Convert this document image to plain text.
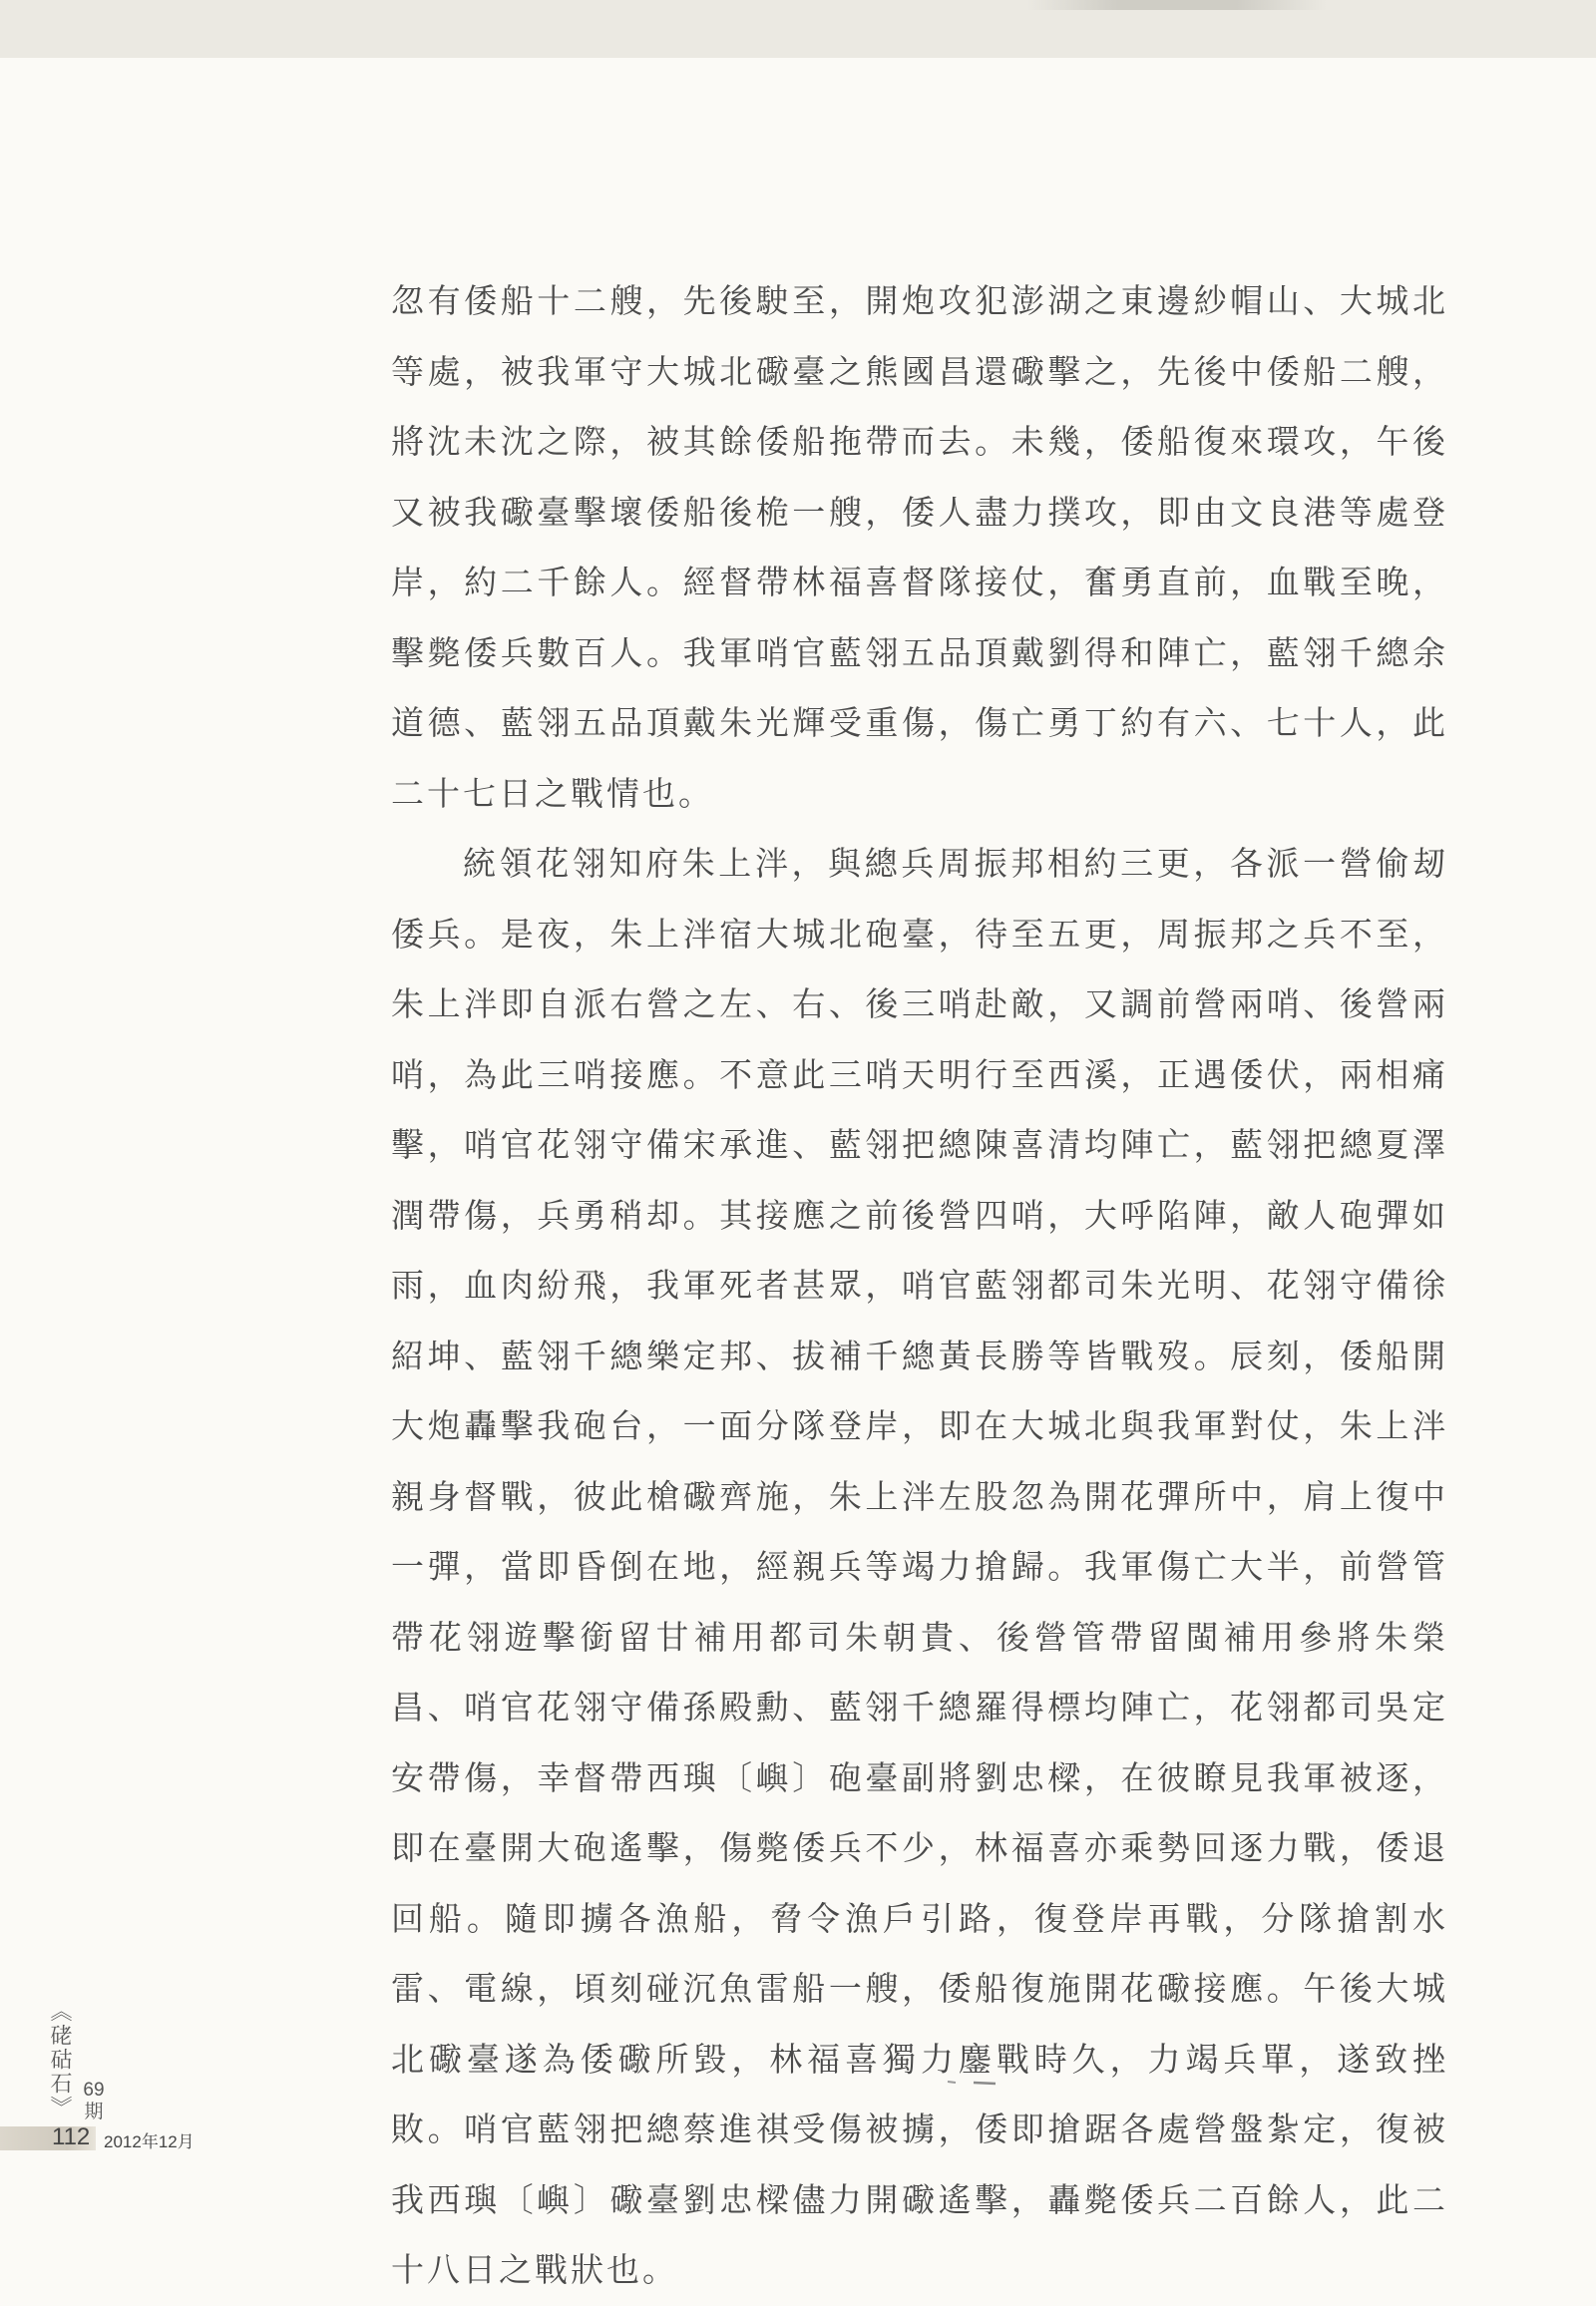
忽有倭船十二艘，先後駛至，開炮攻犯澎湖之東邊紗帽山、大城北等處，被我軍守大城北礮臺之熊國昌還礮擊之，先後中倭船二艘，將沈未沈之際，被其餘倭船拖帶而去。未幾，倭船復來環攻，午後又被我礮臺擊壞倭船後桅一艘，倭人盡力撲攻，即由文良港等處登岸，約二千餘人。經督帶林福喜督隊接仗，奮勇直前，血戰至晚，擊斃倭兵數百人。我軍哨官藍翎五品頂戴劉得和陣亡，藍翎千總余道德、藍翎五品頂戴朱光輝受重傷，傷亡勇丁約有六、七十人，此二十七日之戰情也。

統領花翎知府朱上泮，與總兵周振邦相約三更，各派一營偷刼倭兵。是夜，朱上泮宿大城北砲臺，待至五更，周振邦之兵不至，朱上泮即自派右營之左、右、後三哨赴敵，又調前營兩哨、後營兩哨，為此三哨接應。不意此三哨天明行至西溪，正遇倭伏，兩相痛擊，哨官花翎守備宋承進、藍翎把總陳喜清均陣亡，藍翎把總夏澤潤帶傷，兵勇稍却。其接應之前後營四哨，大呼陷陣，敵人砲彈如雨，血肉紛飛，我軍死者甚眾，哨官藍翎都司朱光明、花翎守備徐紹坤、藍翎千總樂定邦、拔補千總黃長勝等皆戰歿。辰刻，倭船開大炮轟擊我砲台，一面分隊登岸，即在大城北與我軍對仗，朱上泮親身督戰，彼此槍礮齊施，朱上泮左股忽為開花彈所中，肩上復中一彈，當即昏倒在地，經親兵等竭力搶歸。我軍傷亡大半，前營管帶花翎遊擊銜留甘補用都司朱朝貴、後營管帶留閩補用參將朱榮昌、哨官花翎守備孫殿勳、藍翎千總羅得標均陣亡，花翎都司吳定安帶傷，幸督帶西璵〔嶼〕砲臺副將劉忠樑，在彼瞭見我軍被逐，即在臺開大砲遙擊，傷斃倭兵不少，林福喜亦乘勢回逐力戰，倭退回船。隨即擄各漁船，脅令漁戶引路，復登岸再戰，分隊搶割水雷、電線，頃刻碰沉魚雷船一艘，倭船復施開花礮接應。午後大城北礮臺遂為倭礮所毀，林福喜獨力鏖戰時久，力竭兵單，遂致挫敗。哨官藍翎把總蔡進祺受傷被擄，倭即搶踞各處營盤紮定，復被我西璵〔嶼〕礮臺劉忠樑儘力開礮遙擊，轟斃倭兵二百餘人，此二十八日之戰狀也。

《硓𥑮石》 69
期
112 2012年12月
